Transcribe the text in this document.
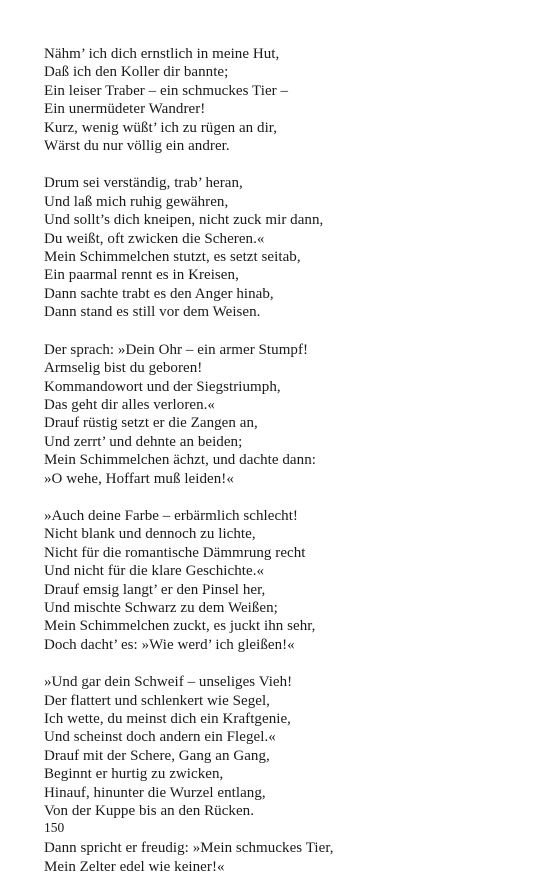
Nähm’ ich dich ernstlich in meine Hut,
Daß ich den Koller dir bannte;
Ein leiser Traber – ein schmuckes Tier –
Ein unermüdeter Wandrer!
Kurz, wenig wüßt’ ich zu rügen an dir,
Wärst du nur völlig ein andrer.
Drum sei verständig, trab’ heran,
Und laß mich ruhig gewähren,
Und sollt’s dich kneipen, nicht zuck mir dann,
Du weißt, oft zwicken die Scheren.«
Mein Schimmelchen stutzt, es setzt seitab,
Ein paarmal rennt es in Kreisen,
Dann sachte trabt es den Anger hinab,
Dann stand es still vor dem Weisen.
Der sprach: »Dein Ohr – ein armer Stumpf!
Armselig bist du geboren!
Kommandowort und der Siegstriumph,
Das geht dir alles verloren.«
Drauf rüstig setzt er die Zangen an,
Und zerrt’ und dehnte an beiden;
Mein Schimmelchen ächzt, und dachte dann:
»O wehe, Hoffart muß leiden!«
»Auch deine Farbe – erbärmlich schlecht!
Nicht blank und dennoch zu lichte,
Nicht für die romantische Dämmrung recht
Und nicht für die klare Geschichte.«
Drauf emsig langt’ er den Pinsel her,
Und mischte Schwarz zu dem Weißen;
Mein Schimmelchen zuckt, es juckt ihn sehr,
Doch dacht’ es: »Wie werd’ ich gleißen!«
»Und gar dein Schweif – unseliges Vieh!
Der flattert und schlenkert wie Segel,
Ich wette, du meinst dich ein Kraftgenie,
Und scheinst doch andern ein Flegel.«
Drauf mit der Schere, Gang an Gang,
Beginnt er hurtig zu zwicken,
Hinauf, hinunter die Wurzel entlang,
Von der Kuppe bis an den Rücken.
Dann spricht er freudig: »Mein schmuckes Tier,
Mein Zelter edel wie keiner!«
150
